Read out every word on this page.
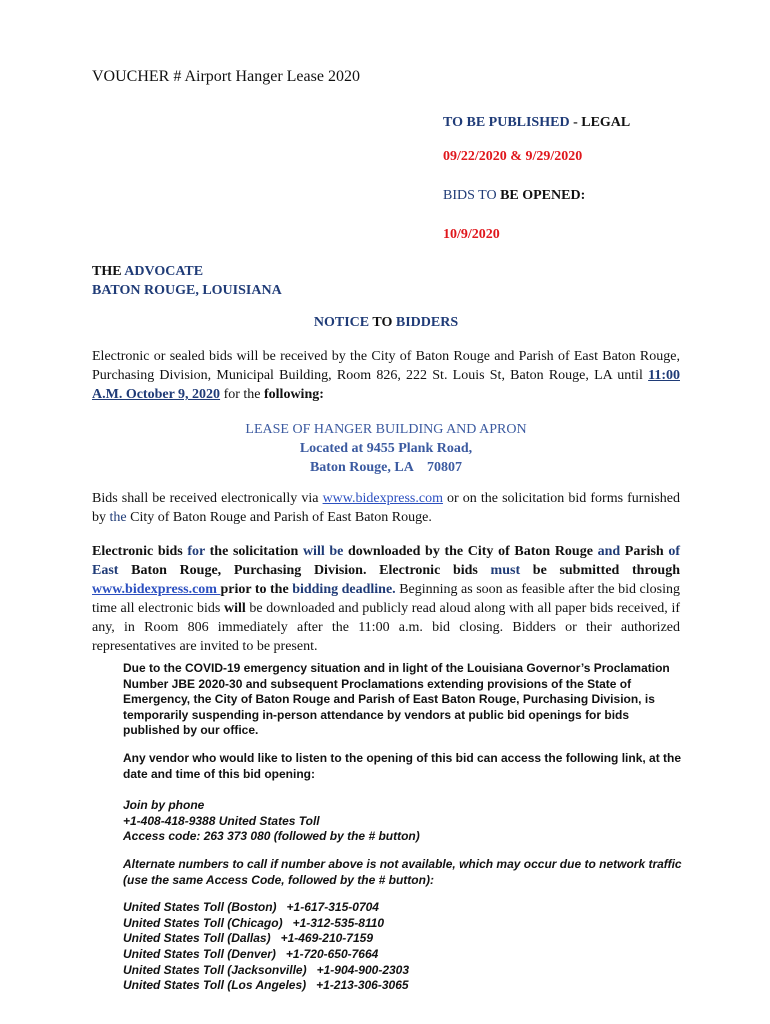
VOUCHER # Airport Hanger Lease 2020
TO BE PUBLISHED - LEGAL
09/22/2020 & 9/29/2020
BIDS TO BE OPENED:
10/9/2020
THE ADVOCATE
BATON ROUGE, LOUISIANA
NOTICE TO BIDDERS
Electronic or sealed bids will be received by the City of Baton Rouge and Parish of East Baton Rouge, Purchasing Division, Municipal Building, Room 826, 222 St. Louis St, Baton Rouge, LA until 11:00 A.M. October 9, 2020 for the following:
LEASE OF HANGER BUILDING AND APRON
Located at 9455 Plank Road,
Baton Rouge, LA    70807
Bids shall be received electronically via www.bidexpress.com or on the solicitation bid forms furnished by the City of Baton Rouge and Parish of East Baton Rouge.
Electronic bids for the solicitation will be downloaded by the City of Baton Rouge and Parish of East Baton Rouge, Purchasing Division. Electronic bids must be submitted through www.bidexpress.com prior to the bidding deadline. Beginning as soon as feasible after the bid closing time all electronic bids will be downloaded and publicly read aloud along with all paper bids received, if any, in Room 806 immediately after the 11:00 a.m. bid closing. Bidders or their authorized representatives are invited to be present.

Due to the COVID-19 emergency situation and in light of the Louisiana Governor’s Proclamation Number JBE 2020-30 and subsequent Proclamations extending provisions of the State of Emergency, the City of Baton Rouge and Parish of East Baton Rouge, Purchasing Division, is temporarily suspending in-person attendance by vendors at public bid openings for bids published by our office.

Any vendor who would like to listen to the opening of this bid can access the following link, at the date and time of this bid opening:

Join by phone

+1-408-418-9388 United States Toll

Access code: 263 373 080 (followed by the # button)

Alternate numbers to call if number above is not available, which may occur due to network traffic (use the same Access Code, followed by the # button):

United States Toll (Boston)   +1-617-315-0704

United States Toll (Chicago)   +1-312-535-8110

United States Toll (Dallas)   +1-469-210-7159

United States Toll (Denver)   +1-720-650-7664

United States Toll (Jacksonville)   +1-904-900-2303

United States Toll (Los Angeles)   +1-213-306-3065
